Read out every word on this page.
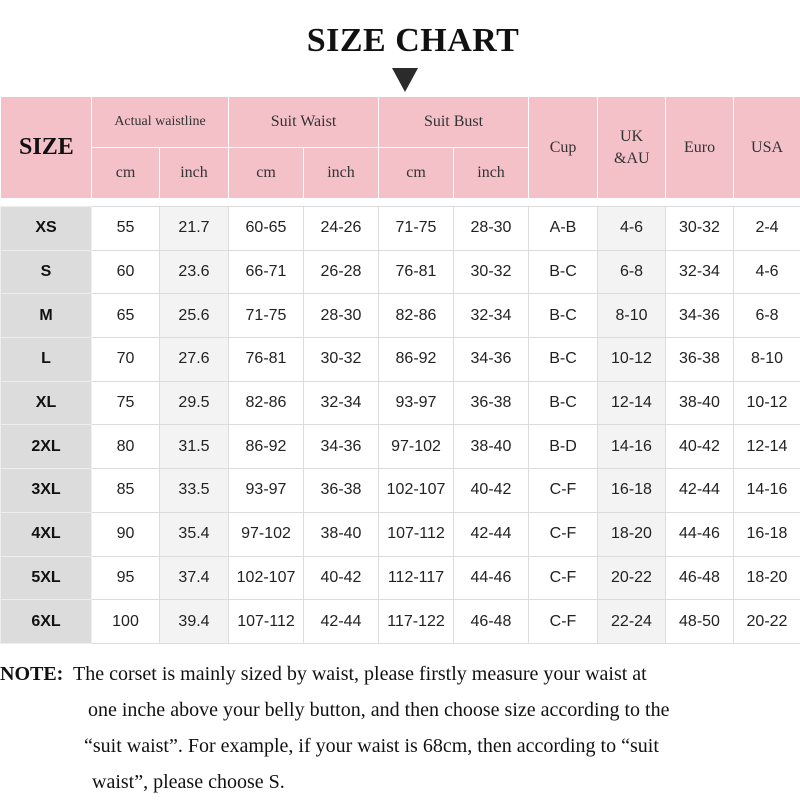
SIZE CHART
SIZE	Actual waistline		Suit Waist		Suit Bust		Cup	UK &AU	Euro	USA
	cm	inch	cm	inch	cm	inch				
XS	55	21.7	60-65	24-26	71-75	28-30	A-B	4-6	30-32	2-4
S	60	23.6	66-71	26-28	76-81	30-32	B-C	6-8	32-34	4-6
M	65	25.6	71-75	28-30	82-86	32-34	B-C	8-10	34-36	6-8
L	70	27.6	76-81	30-32	86-92	34-36	B-C	10-12	36-38	8-10
XL	75	29.5	82-86	32-34	93-97	36-38	B-C	12-14	38-40	10-12
2XL	80	31.5	86-92	34-36	97-102	38-40	B-D	14-16	40-42	12-14
3XL	85	33.5	93-97	36-38	102-107	40-42	C-F	16-18	42-44	14-16
4XL	90	35.4	97-102	38-40	107-112	42-44	C-F	18-20	44-46	16-18
5XL	95	37.4	102-107	40-42	112-117	44-46	C-F	20-22	46-48	18-20
6XL	100	39.4	107-112	42-44	117-122	46-48	C-F	22-24	48-50	20-22
NOTE: The corset is mainly sized by waist, please firstly measure your waist at
one inche above your belly button, and then choose size according to the
“suit waist”. For example, if your waist is 68cm, then according to “suit
waist”, please choose S.
